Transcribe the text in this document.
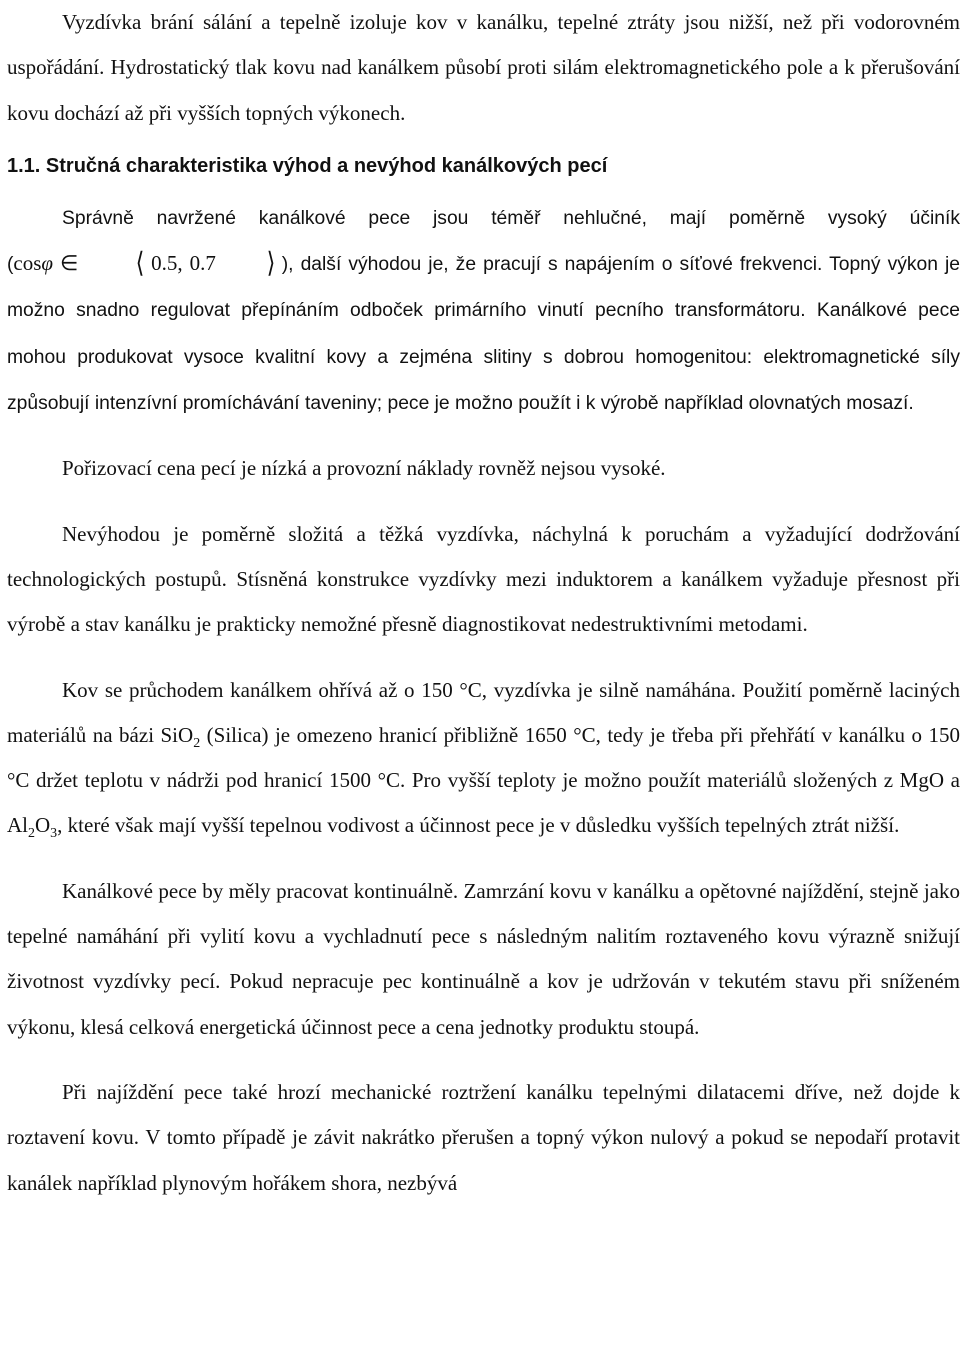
Vyzdívka brání sálání a tepelně izoluje kov v kanálku, tepelné ztráty jsou nižší, než při vodorovném uspořádání. Hydrostatický tlak kovu nad kanálkem působí proti silám elektromagnetického pole a k přerušování kovu dochází až při vyšších topných výkonech.

1.1. Stručná charakteristika výhod a nevýhod kanálkových pecí

Správně navržené kanálkové pece jsou téměř nehlučné, mají poměrně vysoký účiník (cosφ ∈ ⟨ 0.5, 0.7 ⟩ ), další výhodou je, že pracují s napájením o síťové frekvenci. Topný výkon je možno snadno regulovat přepínáním odboček primárního vinutí pecního transformátoru. Kanálkové pece mohou produkovat vysoce kvalitní kovy a zejména slitiny s dobrou homogenitou: elektromagnetické síly způsobují intenzívní promíchávání taveniny; pece je možno použít i k výrobě například olovnatých mosazí.

Pořizovací cena pecí je nízká a provozní náklady rovněž nejsou vysoké.

Nevýhodou je poměrně složitá a těžká vyzdívka, náchylná k poruchám a vyžadující dodržování technologických postupů. Stísněná konstrukce vyzdívky mezi induktorem a kanálkem vyžaduje přesnost při výrobě a stav kanálku je prakticky nemožné přesně diagnostikovat nedestruktivními metodami.

Kov se průchodem kanálkem ohřívá až o 150 °C, vyzdívka je silně namáhána. Použití poměrně laciných materiálů na bázi SiO$_2$ (Silica) je omezeno hranicí přibližně 1650 °C, tedy je třeba při přehřátí v kanálku o 150 °C držet teplotu v nádrži pod hranicí 1500 °C. Pro vyšší teploty je možno použít materiálů složených z MgO a $Al_2O_3$, které však mají vyšší tepelnou vodivost a účinnost pece je v důsledku vyšších tepelných ztrát nižší.

Kanálkové pece by měly pracovat kontinuálně. Zamrzání kovu v kanálku a opětovné najíždění, stejně jako tepelné namáhání při vylití kovu a vychladnutí pece s následným nalitím roztaveného kovu výrazně snižují životnost vyzdívky pecí. Pokud nepracuje pec kontinuálně a kov je udržován v tekutém stavu při sníženém výkonu, klesá celková energetická účinnost pece a cena jednotky produktu stoupá.

Při najíždění pece také hrozí mechanické roztržení kanálku tepelnými dilatacemi dříve, než dojde k roztavení kovu. V tomto případě je závit nakrátko přerušen a topný výkon nulový a pokud se nepodaří protavit kanálek například plynovým hořákem shora, nezbývá
